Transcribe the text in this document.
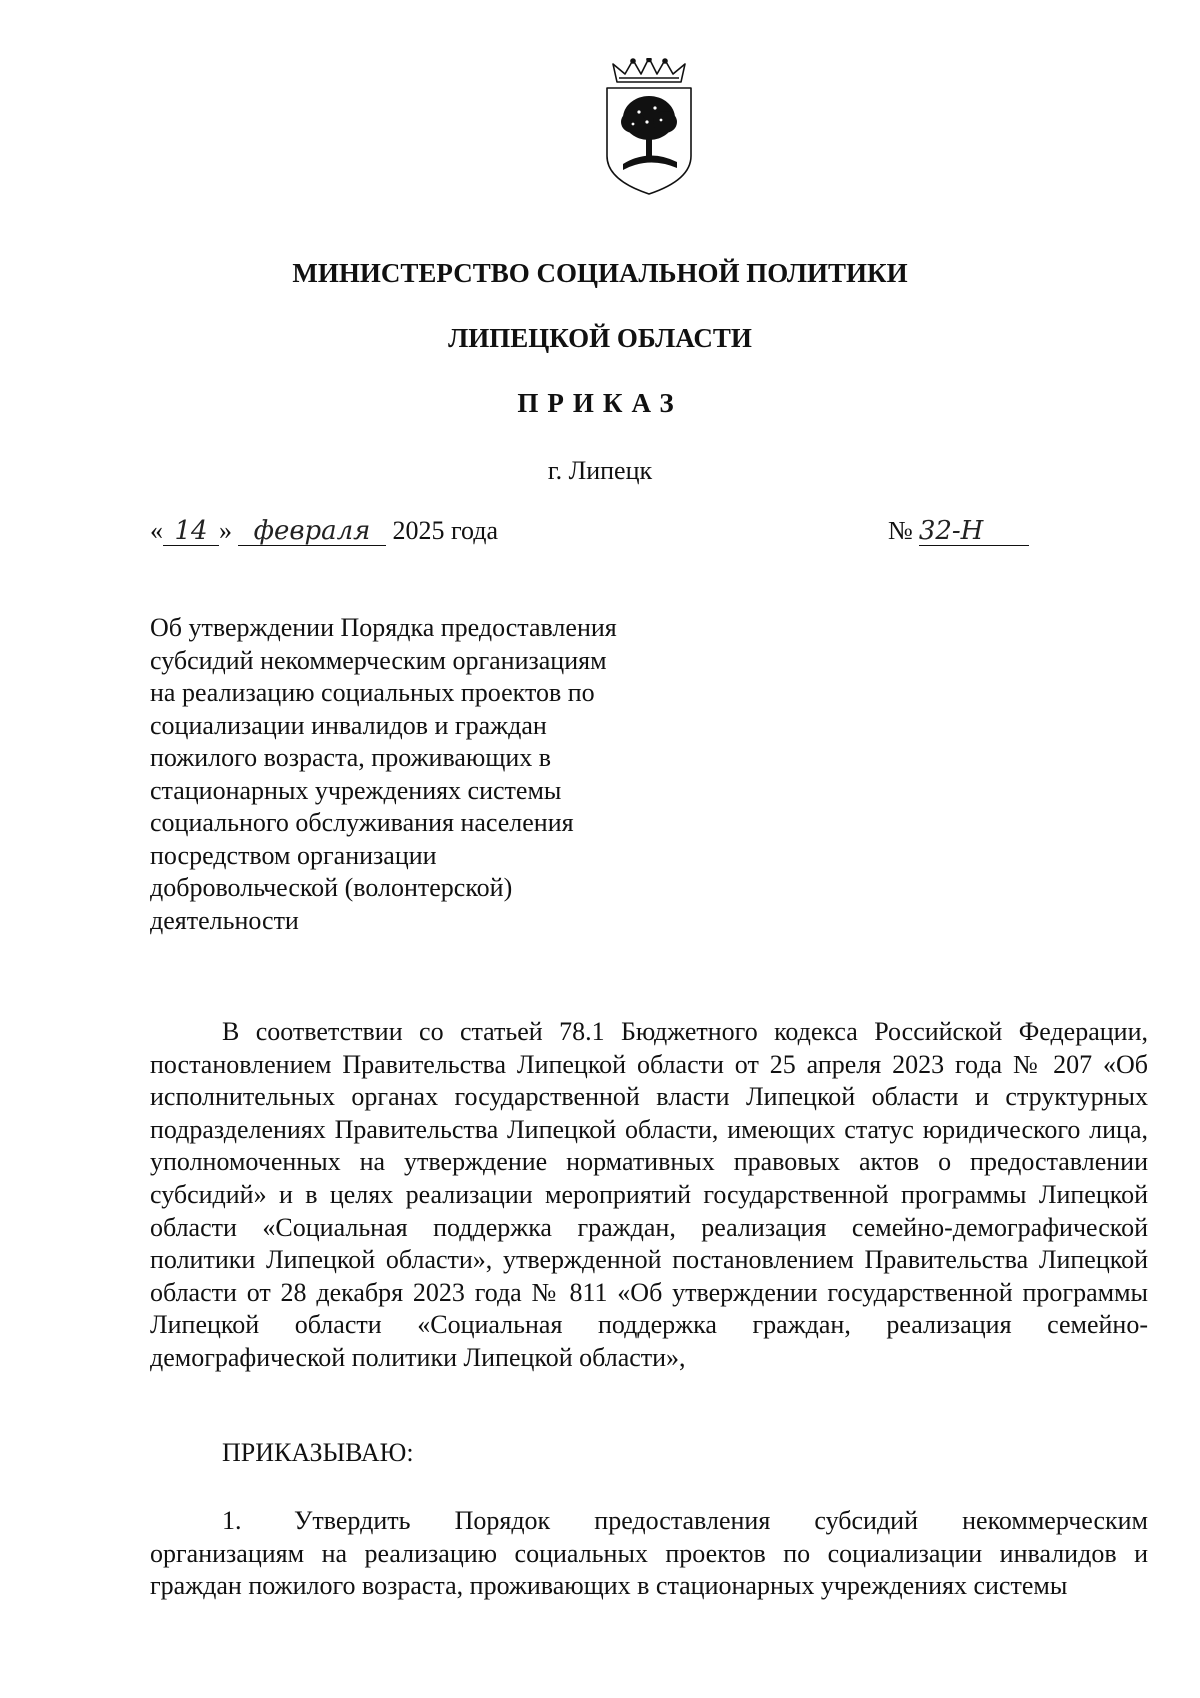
МИНИСТЕРСТВО СОЦИАЛЬНОЙ ПОЛИТИКИ
ЛИПЕЦКОЙ ОБЛАСТИ
ПРИКАЗ
г. Липецк
« 14 » февраля 2025 года	№ 32-Н
Об утверждении Порядка предоставления субсидий некоммерческим организациям на реализацию социальных проектов по социализации инвалидов и граждан пожилого возраста, проживающих в стационарных учреждениях системы социального обслуживания населения посредством организации добровольческой (волонтерской) деятельности
В соответствии со статьей 78.1 Бюджетного кодекса Российской Федерации, постановлением Правительства Липецкой области от 25 апреля 2023 года № 207 «Об исполнительных органах государственной власти Липецкой области и структурных подразделениях Правительства Липецкой области, имеющих статус юридического лица, уполномоченных на утверждение нормативных правовых актов о предоставлении субсидий» и в целях реализации мероприятий государственной программы Липецкой области «Социальная поддержка граждан, реализация семейно-демографической политики Липецкой области», утвержденной постановлением Правительства Липецкой области от 28 декабря 2023 года № 811 «Об утверждении государственной программы Липецкой области «Социальная поддержка граждан, реализация семейно-демографической политики Липецкой области»,
ПРИКАЗЫВАЮ:
1. Утвердить Порядок предоставления субсидий некоммерческим организациям на реализацию социальных проектов по социализации инвалидов и граждан пожилого возраста, проживающих в стационарных учреждениях системы
